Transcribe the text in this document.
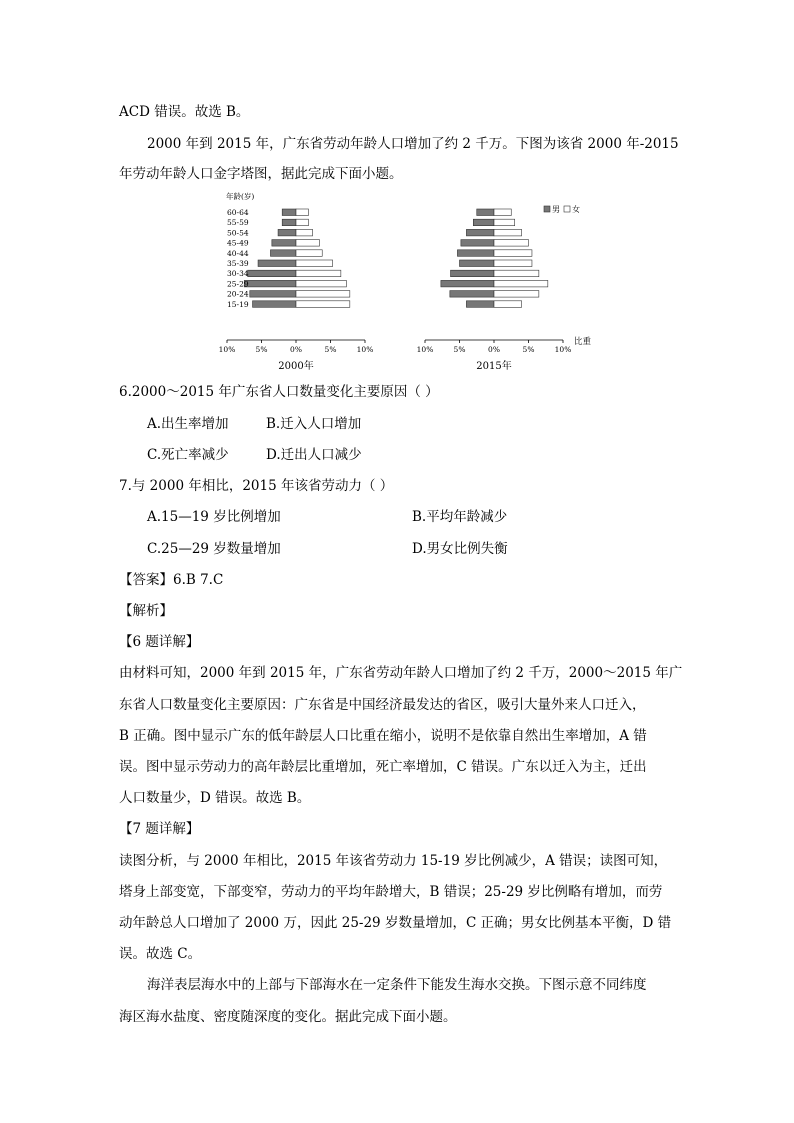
ACD 错误。故选 B。
2000 年到 2015 年，广东省劳动年龄人口增加了约 2 千万。下图为该省 2000 年-2015
年劳动年龄人口金字塔图，据此完成下面小题。
60-64
55-59
50-54
45-49
40-44
35-39
30-34
25-29
20-24
15-19
年龄(岁)
10%	5%	0%	5%	10%
2000年
10%	5%	0%	5%	10%
2015年
比重
男 女
6.2000～2015 年广东省人口数量变化主要原因（ ）
A.出生率增加	B.迁入人口增加
C.死亡率减少	D.迁出人口减少
7.与 2000 年相比，2015 年该省劳动力（ ）
A.15—19 岁比例增加	B.平均年龄减少
C.25—29 岁数量增加	D.男女比例失衡
【答案】6.B 7.C
【解析】
【6 题详解】
由材料可知，2000 年到 2015 年，广东省劳动年龄人口增加了约 2 千万，2000～2015 年广
东省人口数量变化主要原因：广东省是中国经济最发达的省区，吸引大量外来人口迁入，
B 正确。图中显示广东的低年龄层人口比重在缩小，说明不是依靠自然出生率增加，A 错
误。图中显示劳动力的高年龄层比重增加，死亡率增加，C 错误。广东以迁入为主，迁出
人口数量少，D 错误。故选 B。
【7 题详解】
读图分析，与 2000 年相比，2015 年该省劳动力 15-19 岁比例减少，A 错误；读图可知，
塔身上部变宽，下部变窄，劳动力的平均年龄增大，B 错误；25-29 岁比例略有增加，而劳
动年龄总人口增加了 2000 万，因此 25-29 岁数量增加，C 正确；男女比例基本平衡，D 错
误。故选 C。
海洋表层海水中的上部与下部海水在一定条件下能发生海水交换。下图示意不同纬度
海区海水盐度、密度随深度的变化。据此完成下面小题。
